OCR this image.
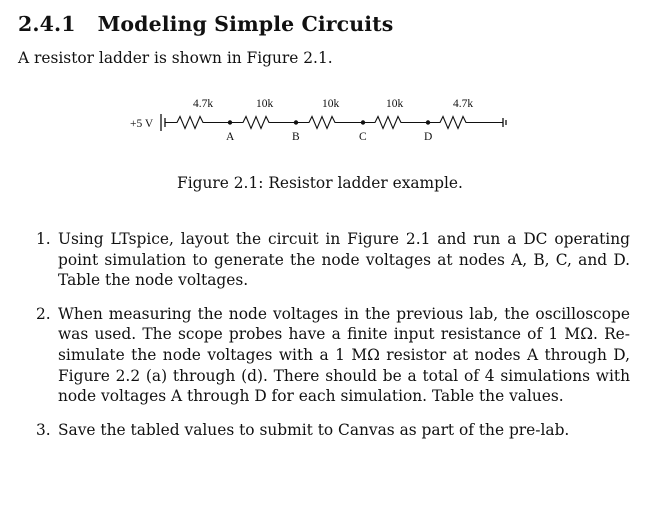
2.4.1 Modeling Simple Circuits

A resistor ladder is shown in Figure 2.1.

+5 V
4.7k	10k	10k	10k	4.7k
A	B	C	D
Figure 2.1: Resistor ladder example.
1. Using LTspice, layout the circuit in Figure 2.1 and run a DC operating point simulation to generate the node voltages at nodes A, B, C, and D. Table the node voltages.
2. When measuring the node voltages in the previous lab, the oscilloscope was used. The scope probes have a finite input resistance of 1 MΩ. Re-simulate the node voltages with a 1 MΩ resistor at nodes A through D, Figure 2.2 (a) through (d). There should be a total of 4 simulations with node voltages A through D for each simulation. Table the values.
3. Save the tabled values to submit to Canvas as part of the pre-lab.
